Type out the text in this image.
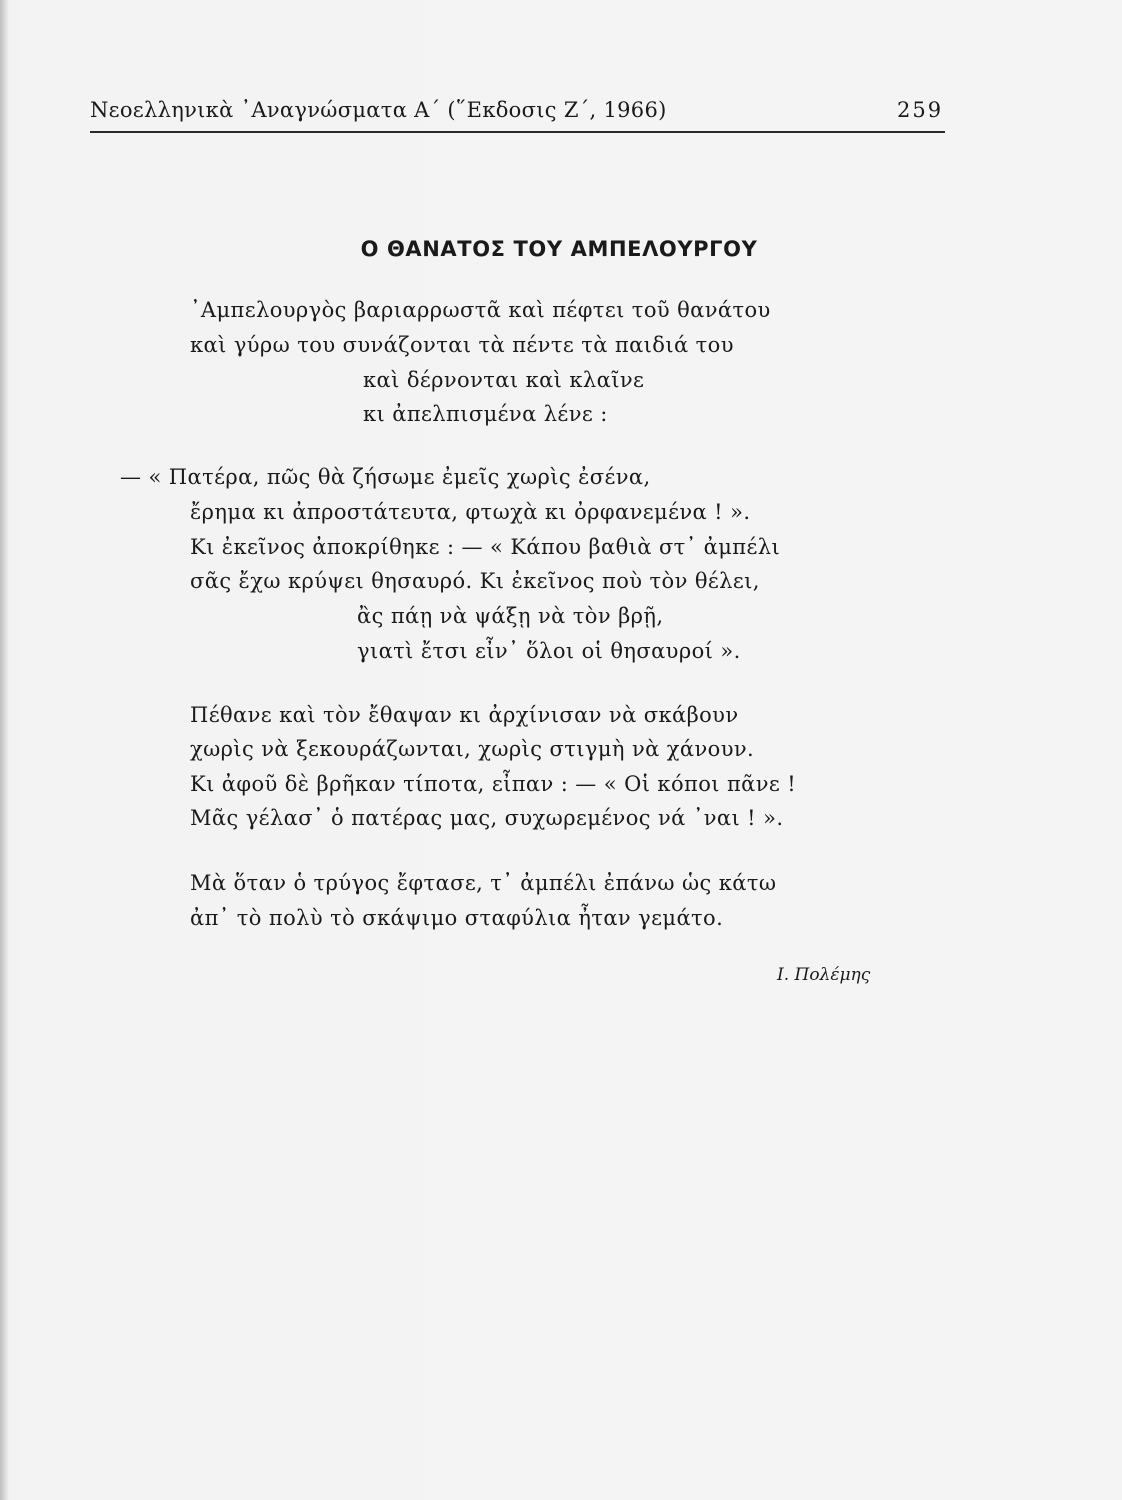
Νεοελληνικὰ ᾿Αναγνώσματα Α΄ (῞Εκδοσις Ζ΄, 1966)	259
Ο ΘΑΝΑΤΟΣ ΤΟΥ ΑΜΠΕΛΟΥΡΓΟΥ
᾿Αμπελουργὸς βαριαρρωστᾶ καὶ πέφτει τοῦ θανάτου
καὶ γύρω του συνάζονται τὰ πέντε τὰ παιδιά του
καὶ δέρνονται καὶ κλαῖνε
κι ἀπελπισμένα λένε :
— « Πατέρα, πῶς θὰ ζήσωμε ἐμεῖς χωρὶς ἐσένα,
ἔρημα κι ἀπροστάτευτα, φτωχὰ κι ὀρφανεμένα ! ».
Κι ἐκεῖνος ἀποκρίθηκε : — « Κάπου βαθιὰ στ᾿ ἀμπέλι
σᾶς ἔχω κρύψει θησαυρό. Κι ἐκεῖνος ποὺ τὸν θέλει,
ἂς πάῃ νὰ ψάξῃ νὰ τὸν βρῇ,
γιατὶ ἔτσι εἶν᾿ ὅλοι οἱ θησαυροί ».
Πέθανε καὶ τὸν ἔθαψαν κι ἀρχίνισαν νὰ σκάβουν
χωρὶς νὰ ξεκουράζωνται, χωρὶς στιγμὴ νὰ χάνουν.
Κι ἀφοῦ δὲ βρῆκαν τίποτα, εἶπαν : — « Οἱ κόποι πᾶνε !
Μᾶς γέλασ᾿ ὁ πατέρας μας, συχωρεμένος νά ᾿ναι ! ».
Μὰ ὅταν ὁ τρύγος ἔφτασε, τ᾿ ἀμπέλι ἐπάνω ὡς κάτω
ἀπ᾿ τὸ πολὺ τὸ σκάψιμο σταφύλια ἦταν γεμάτο.
Ι. Πολέμης
